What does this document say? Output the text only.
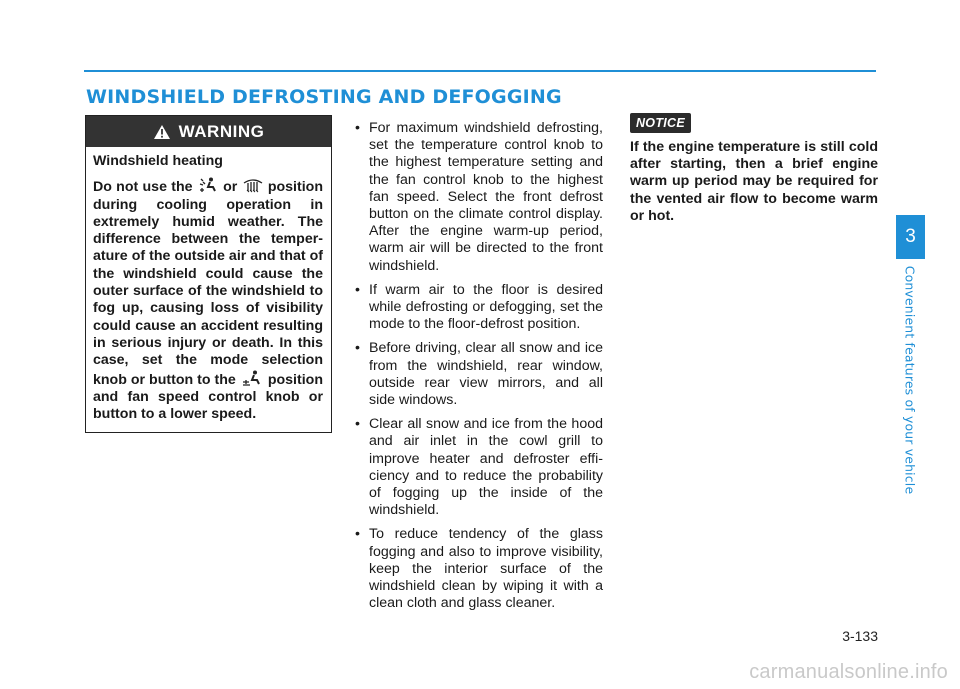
WINDSHIELD DEFROSTING AND DEFOGGING
WARNING

Windshield heating

Do not use the or position during cooling operation in extremely humid weather. The difference between the temperature of the outside air and that of the windshield could cause the outer surface of the windshield to fog up, causing loss of visibility could cause an accident resulting in serious injury or death. In this case, set the mode selection knob or button to the position and fan speed control knob or button to a lower speed.

• For maximum windshield defrosting, set the temperature control knob to the highest temperature setting and the fan control knob to the highest fan speed. Select the front defrost button on the climate control display. After the engine warm-up period, warm air will be directed to the front windshield.
• If warm air to the floor is desired while defrosting or defogging, set the mode to the floor-defrost position.
• Before driving, clear all snow and ice from the windshield, rear window, outside rear view mirrors, and all side windows.
• Clear all snow and ice from the hood and air inlet in the cowl grill to improve heater and defroster efficiency and to reduce the probability of fogging up the inside of the windshield.
• To reduce tendency of the glass fogging and also to improve visibility, keep the interior surface of the windshield clean by wiping it with a clean cloth and glass cleaner.
NOTICE

If the engine temperature is still cold after starting, then a brief engine warm up period may be required for the vented air flow to become warm or hot.

3
Convenient features of your vehicle
3-133
carmanualsonline.info
